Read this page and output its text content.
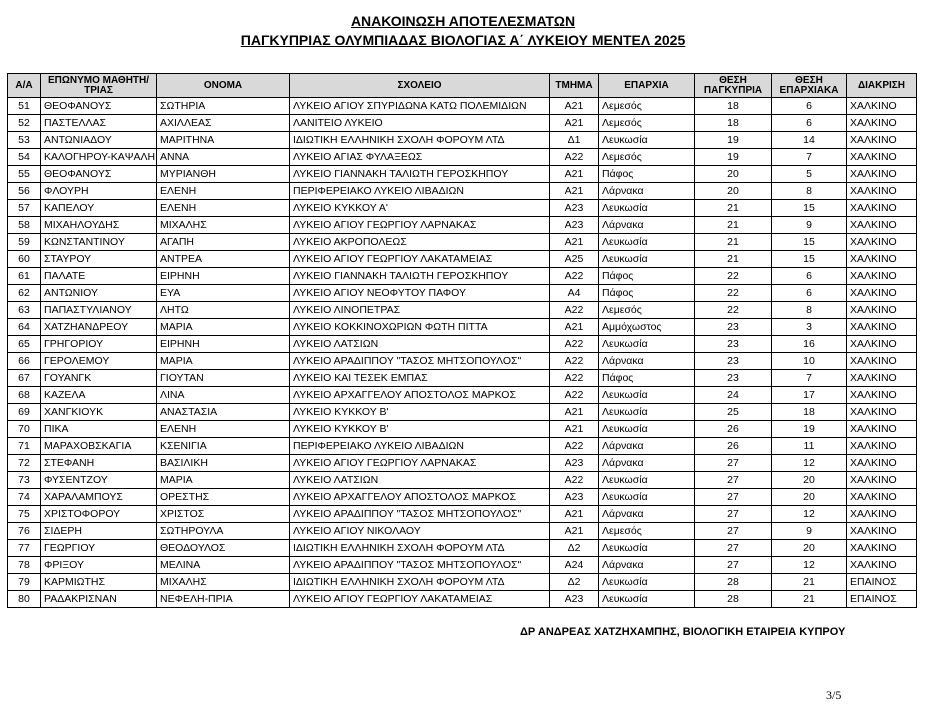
ΑΝΑΚΟΙΝΩΣΗ ΑΠΟΤΕΛΕΣΜΑΤΩΝ
ΠΑΓΚΥΠΡΙΑΣ ΟΛΥΜΠΙΑΔΑΣ ΒΙΟΛΟΓΙΑΣ Α΄ ΛΥΚΕΙΟΥ ΜΕΝΤΕΛ 2025
Α/Α	ΕΠΩΝΥΜΟ ΜΑΘΗΤΗ/ΤΡΙΑΣ	ΟΝΟΜΑ	ΣΧΟΛΕΙΟ	ΤΜΗΜΑ	ΕΠΑΡΧΙΑ	ΘΕΣΗ ΠΑΓΚΥΠΡΙΑ	ΘΕΣΗ ΕΠΑΡΧΙΑΚΑ	ΔΙΑΚΡΙΣΗ
51	ΘΕΟΦΑΝΟΥΣ	ΣΩΤΗΡΙΑ	ΛΥΚΕΙΟ ΑΓΙΟΥ ΣΠΥΡΙΔΩΝΑ ΚΑΤΩ ΠΟΛΕΜΙΔΙΩΝ	Α21	Λεμεσός	18	6	ΧΑΛΚΙΝΟ
52	ΠΑΣΤΕΛΛΑΣ	ΑΧΙΛΛΕΑΣ	ΛΑΝΙΤΕΙΟ ΛΥΚΕΙΟ	Α21	Λεμεσός	18	6	ΧΑΛΚΙΝΟ
53	ΑΝΤΩΝΙΑΔΟΥ	ΜΑΡΙΤΗΝΑ	ΙΔΙΩΤΙΚΗ ΕΛΛΗΝΙΚΗ ΣΧΟΛΗ ΦΟΡΟΥΜ ΛΤΔ	Δ1	Λευκωσία	19	14	ΧΑΛΚΙΝΟ
54	ΚΑΛΟΓΗΡΟΥ-ΚΑΨΑΛΗ	ΑΝΝΑ	ΛΥΚΕΙΟ ΑΓΙΑΣ ΦΥΛΑΞΕΩΣ	Α22	Λεμεσός	19	7	ΧΑΛΚΙΝΟ
55	ΘΕΟΦΑΝΟΥΣ	ΜΥΡΙΑΝΘΗ	ΛΥΚΕΙΟ ΓΙΑΝΝΑΚΗ ΤΑΛΙΩΤΗ ΓΕΡΟΣΚΗΠΟΥ	Α21	Πάφος	20	5	ΧΑΛΚΙΝΟ
56	ΦΛΟΥΡΗ	ΕΛΕΝΗ	ΠΕΡΙΦΕΡΕΙΑΚΟ ΛΥΚΕΙΟ ΛΙΒΑΔΙΩΝ	Α21	Λάρνακα	20	8	ΧΑΛΚΙΝΟ
57	ΚΑΠΕΛΟΥ	ΕΛΕΝΗ	ΛΥΚΕΙΟ ΚΥΚΚΟΥ Α'	Α23	Λευκωσία	21	15	ΧΑΛΚΙΝΟ
58	ΜΙΧΑΗΛΟΥΔΗΣ	ΜΙΧΑΛΗΣ	ΛΥΚΕΙΟ ΑΓΙΟΥ ΓΕΩΡΓΙΟΥ ΛΑΡΝΑΚΑΣ	Α23	Λάρνακα	21	9	ΧΑΛΚΙΝΟ
59	ΚΩΝΣΤΑΝΤΙΝΟΥ	ΑΓΑΠΗ	ΛΥΚΕΙΟ ΑΚΡΟΠΟΛΕΩΣ	Α21	Λευκωσία	21	15	ΧΑΛΚΙΝΟ
60	ΣΤΑΥΡΟΥ	ΑΝΤΡΕΑ	ΛΥΚΕΙΟ ΑΓΙΟΥ ΓΕΩΡΓΙΟΥ ΛΑΚΑΤΑΜΕΙΑΣ	Α25	Λευκωσία	21	15	ΧΑΛΚΙΝΟ
61	ΠΑΛΑΤΕ	ΕΙΡΗΝΗ	ΛΥΚΕΙΟ ΓΙΑΝΝΑΚΗ ΤΑΛΙΩΤΗ ΓΕΡΟΣΚΗΠΟΥ	Α22	Πάφος	22	6	ΧΑΛΚΙΝΟ
62	ΑΝΤΩΝΙΟΥ	ΕΥΑ	ΛΥΚΕΙΟ ΑΓΙΟΥ ΝΕΟΦΥΤΟΥ ΠΑΦΟΥ	Α4	Πάφος	22	6	ΧΑΛΚΙΝΟ
63	ΠΑΠΑΣΤΥΛΙΑΝΟΥ	ΛΗΤΩ	ΛΥΚΕΙΟ ΛΙΝΟΠΕΤΡΑΣ	Α22	Λεμεσός	22	8	ΧΑΛΚΙΝΟ
64	ΧΑΤΖΗΑΝΔΡΕΟΥ	ΜΑΡΙΑ	ΛΥΚΕΙΟ ΚΟΚΚΙΝΟΧΩΡΙΩΝ ΦΩΤΗ ΠΙΤΤΑ	Α21	Αμμόχωστος	23	3	ΧΑΛΚΙΝΟ
65	ΓΡΗΓΟΡΙΟΥ	ΕΙΡΗΝΗ	ΛΥΚΕΙΟ ΛΑΤΣΙΩΝ	Α22	Λευκωσία	23	16	ΧΑΛΚΙΝΟ
66	ΓΕΡΟΛΕΜΟΥ	ΜΑΡΙΑ	ΛΥΚΕΙΟ ΑΡΑΔΙΠΠΟΥ "ΤΑΣΟΣ ΜΗΤΣΟΠΟΥΛΟΣ"	Α22	Λάρνακα	23	10	ΧΑΛΚΙΝΟ
67	ΓΟΥΑΝΓΚ	ΓΙΟΥΤΑΝ	ΛΥΚΕΙΟ ΚΑΙ ΤΕΣΕΚ ΕΜΠΑΣ	Α22	Πάφος	23	7	ΧΑΛΚΙΝΟ
68	ΚΑΖΕΛΑ	ΛΙΝΑ	ΛΥΚΕΙΟ ΑΡΧΑΓΓΕΛΟΥ ΑΠΟΣΤΟΛΟΣ ΜΑΡΚΟΣ	Α22	Λευκωσία	24	17	ΧΑΛΚΙΝΟ
69	ΧΑΝΓΚΙΟΥΚ	ΑΝΑΣΤΑΣΙΑ	ΛΥΚΕΙΟ ΚΥΚΚΟΥ Β'	Α21	Λευκωσία	25	18	ΧΑΛΚΙΝΟ
70	ΠΙΚΑ	ΕΛΕΝΗ	ΛΥΚΕΙΟ ΚΥΚΚΟΥ Β'	Α21	Λευκωσία	26	19	ΧΑΛΚΙΝΟ
71	ΜΑΡΑΧΟΒΣΚΑΓΙΑ	ΚΣΕΝΙΓΙΑ	ΠΕΡΙΦΕΡΕΙΑΚΟ ΛΥΚΕΙΟ ΛΙΒΑΔΙΩΝ	Α22	Λάρνακα	26	11	ΧΑΛΚΙΝΟ
72	ΣΤΕΦΑΝΗ	ΒΑΣΙΛΙΚΗ	ΛΥΚΕΙΟ ΑΓΙΟΥ ΓΕΩΡΓΙΟΥ ΛΑΡΝΑΚΑΣ	Α23	Λάρνακα	27	12	ΧΑΛΚΙΝΟ
73	ΦΥΣΕΝΤΖΟΥ	ΜΑΡΙΑ	ΛΥΚΕΙΟ ΛΑΤΣΙΩΝ	Α22	Λευκωσία	27	20	ΧΑΛΚΙΝΟ
74	ΧΑΡΑΛΑΜΠΟΥΣ	ΟΡΕΣΤΗΣ	ΛΥΚΕΙΟ ΑΡΧΑΓΓΕΛΟΥ ΑΠΟΣΤΟΛΟΣ ΜΑΡΚΟΣ	Α23	Λευκωσία	27	20	ΧΑΛΚΙΝΟ
75	ΧΡΙΣΤΟΦΟΡΟΥ	ΧΡΙΣΤΟΣ	ΛΥΚΕΙΟ ΑΡΑΔΙΠΠΟΥ "ΤΑΣΟΣ ΜΗΤΣΟΠΟΥΛΟΣ"	Α21	Λάρνακα	27	12	ΧΑΛΚΙΝΟ
76	ΣΙΔΕΡΗ	ΣΩΤΗΡΟΥΛΑ	ΛΥΚΕΙΟ ΑΓΙΟΥ ΝΙΚΟΛΑΟΥ	Α21	Λεμεσός	27	9	ΧΑΛΚΙΝΟ
77	ΓΕΩΡΓΙΟΥ	ΘΕΟΔΟΥΛΟΣ	ΙΔΙΩΤΙΚΗ ΕΛΛΗΝΙΚΗ ΣΧΟΛΗ ΦΟΡΟΥΜ ΛΤΔ	Δ2	Λευκωσία	27	20	ΧΑΛΚΙΝΟ
78	ΦΡΙΞΟΥ	ΜΕΛΙΝΑ	ΛΥΚΕΙΟ ΑΡΑΔΙΠΠΟΥ "ΤΑΣΟΣ ΜΗΤΣΟΠΟΥΛΟΣ"	Α24	Λάρνακα	27	12	ΧΑΛΚΙΝΟ
79	ΚΑΡΜΙΩΤΗΣ	ΜΙΧΑΛΗΣ	ΙΔΙΩΤΙΚΗ ΕΛΛΗΝΙΚΗ ΣΧΟΛΗ ΦΟΡΟΥΜ ΛΤΔ	Δ2	Λευκωσία	28	21	ΕΠΑΙΝΟΣ
80	ΡΑΔΑΚΡΙΣΝΑΝ	ΝΕΦΕΛΗ-ΠΡΙΑ	ΛΥΚΕΙΟ ΑΓΙΟΥ ΓΕΩΡΓΙΟΥ ΛΑΚΑΤΑΜΕΙΑΣ	Α23	Λευκωσία	28	21	ΕΠΑΙΝΟΣ
ΔΡ ΑΝΔΡΕΑΣ ΧΑΤΖΗΧΑΜΠΗΣ, ΒΙΟΛΟΓΙΚΗ ΕΤΑΙΡΕΙΑ ΚΥΠΡΟΥ
3/5
